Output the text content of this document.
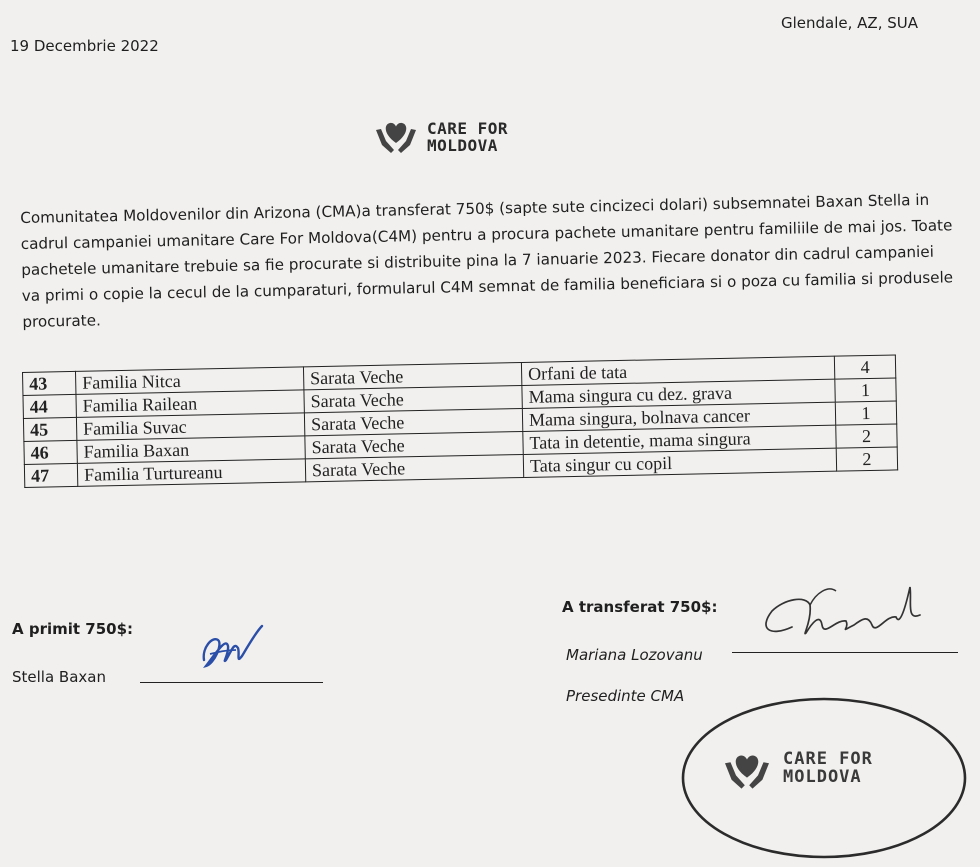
Glendale, AZ, SUA
19 Decembrie 2022
CARE FOR
MOLDOVA
Comunitatea Moldovenilor din Arizona (CMA)a transferat 750$ (sapte sute cincizeci dolari) subsemnatei Baxan Stella in cadrul campaniei umanitare Care For Moldova(C4M) pentru a procura pachete umanitare pentru familiile de mai jos. Toate pachetele umanitare trebuie sa fie procurate si distribuite pina la 7 ianuarie 2023. Fiecare donator din cadrul campaniei va primi o copie la cecul de la cumparaturi, formularul C4M semnat de familia beneficiara si o poza cu familia si produsele procurate.
43	Familia Nitca	Sarata Veche	Orfani de tata	4
44	Familia Railean	Sarata Veche	Mama singura cu dez. grava	1
45	Familia Suvac	Sarata Veche	Mama singura, bolnava cancer	1
46	Familia Baxan	Sarata Veche	Tata in detentie, mama singura	2
47	Familia Turtureanu	Sarata Veche	Tata singur cu copil	2
A primit 750$:
Stella Baxan
A transferat 750$:
Mariana Lozovanu
Presedinte CMA
CARE FOR
MOLDOVA
